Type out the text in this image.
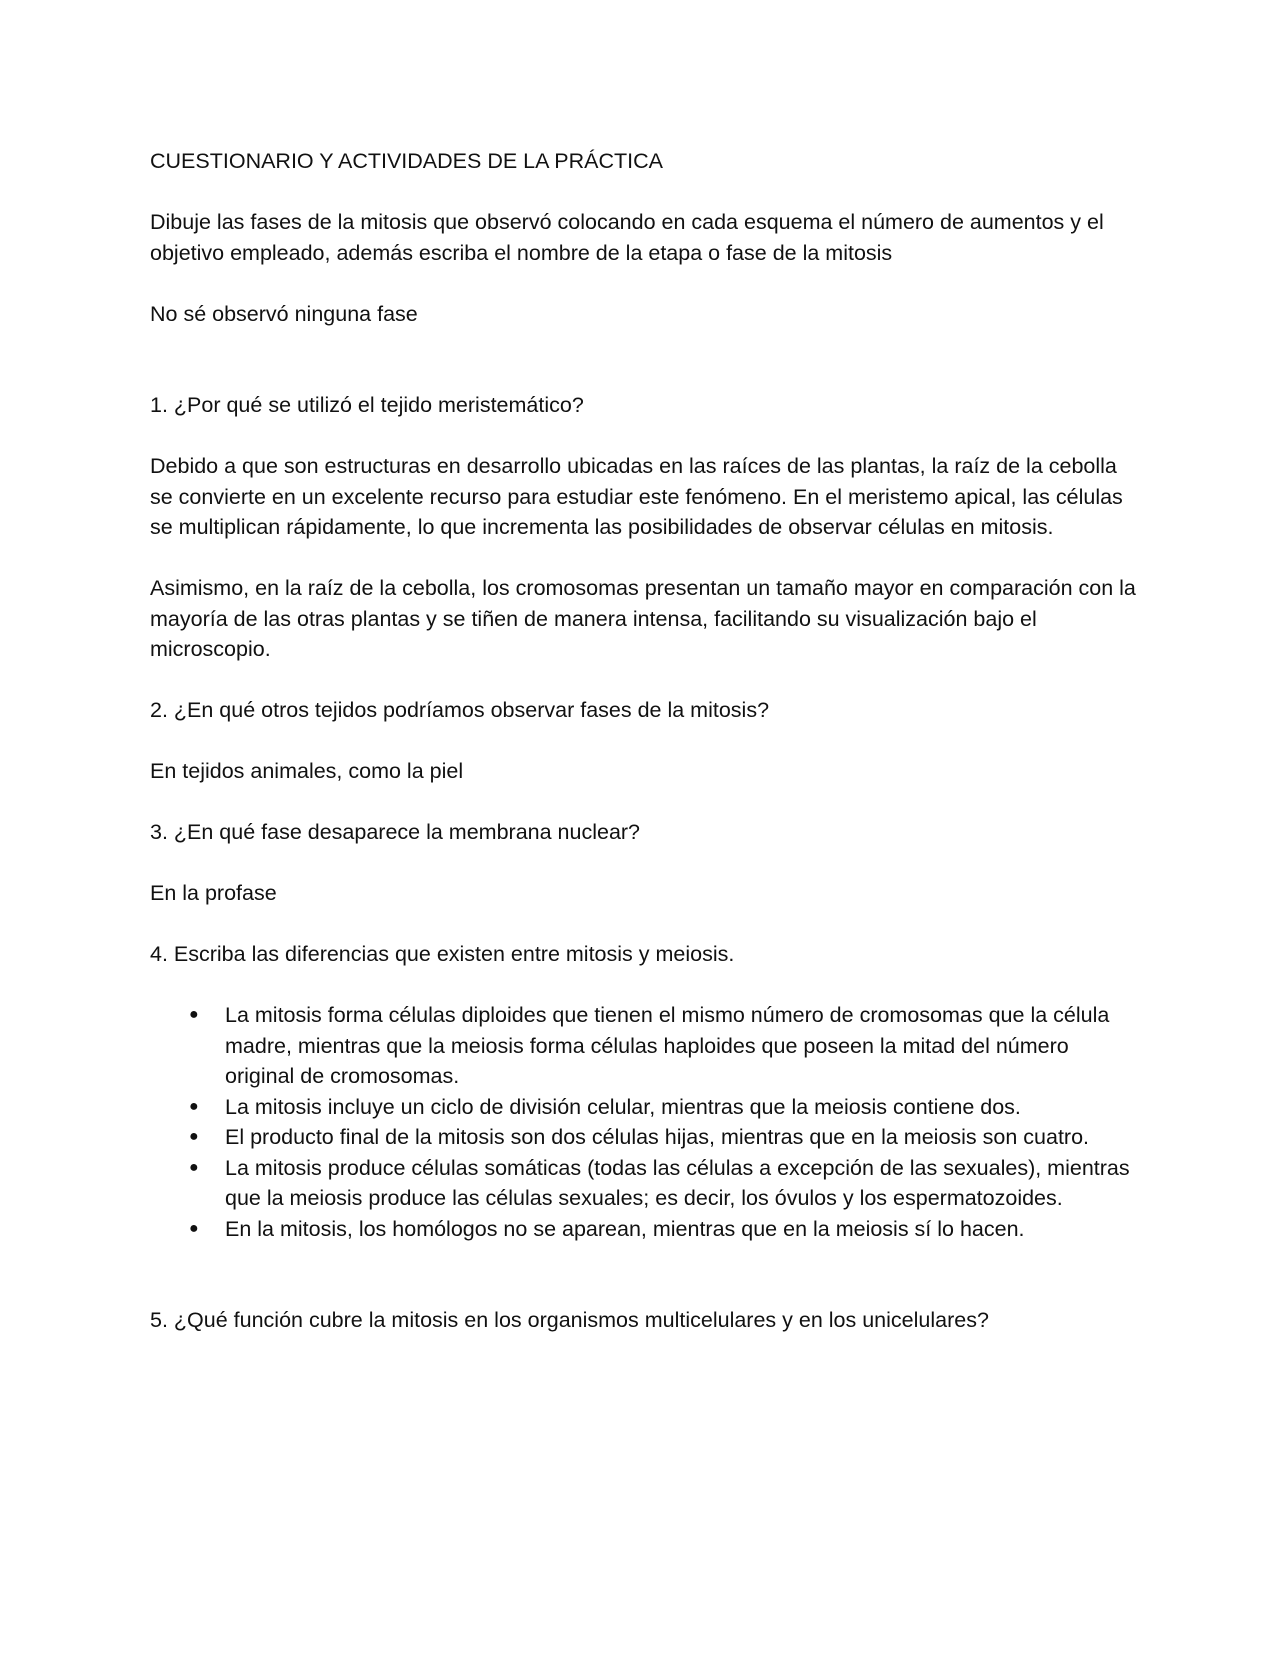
CUESTIONARIO Y ACTIVIDADES DE LA PRÁCTICA

Dibuje las fases de la mitosis que observó colocando en cada esquema el número de aumentos y el objetivo empleado, además escriba el nombre de la etapa o fase de la mitosis

No sé observó ninguna fase

1. ¿Por qué se utilizó el tejido meristemático?

Debido a que son estructuras en desarrollo ubicadas en las raíces de las plantas, la raíz de la cebolla se convierte en un excelente recurso para estudiar este fenómeno. En el meristemo apical, las células se multiplican rápidamente, lo que incrementa las posibilidades de observar células en mitosis.

Asimismo, en la raíz de la cebolla, los cromosomas presentan un tamaño mayor en comparación con la mayoría de las otras plantas y se tiñen de manera intensa, facilitando su visualización bajo el microscopio.

2. ¿En qué otros tejidos podríamos observar fases de la mitosis?

En tejidos animales, como la piel

3. ¿En qué fase desaparece la membrana nuclear?

En la profase

4. Escriba las diferencias que existen entre mitosis y meiosis.

● La mitosis forma células diploides que tienen el mismo número de cromosomas que la célula madre, mientras que la meiosis forma células haploides que poseen la mitad del número original de cromosomas.
● La mitosis incluye un ciclo de división celular, mientras que la meiosis contiene dos.
● El producto final de la mitosis son dos células hijas, mientras que en la meiosis son cuatro.
● La mitosis produce células somáticas (todas las células a excepción de las sexuales), mientras que la meiosis produce las células sexuales; es decir, los óvulos y los espermatozoides.
● En la mitosis, los homólogos no se aparean, mientras que en la meiosis sí lo hacen.

5. ¿Qué función cubre la mitosis en los organismos multicelulares y en los unicelulares?
